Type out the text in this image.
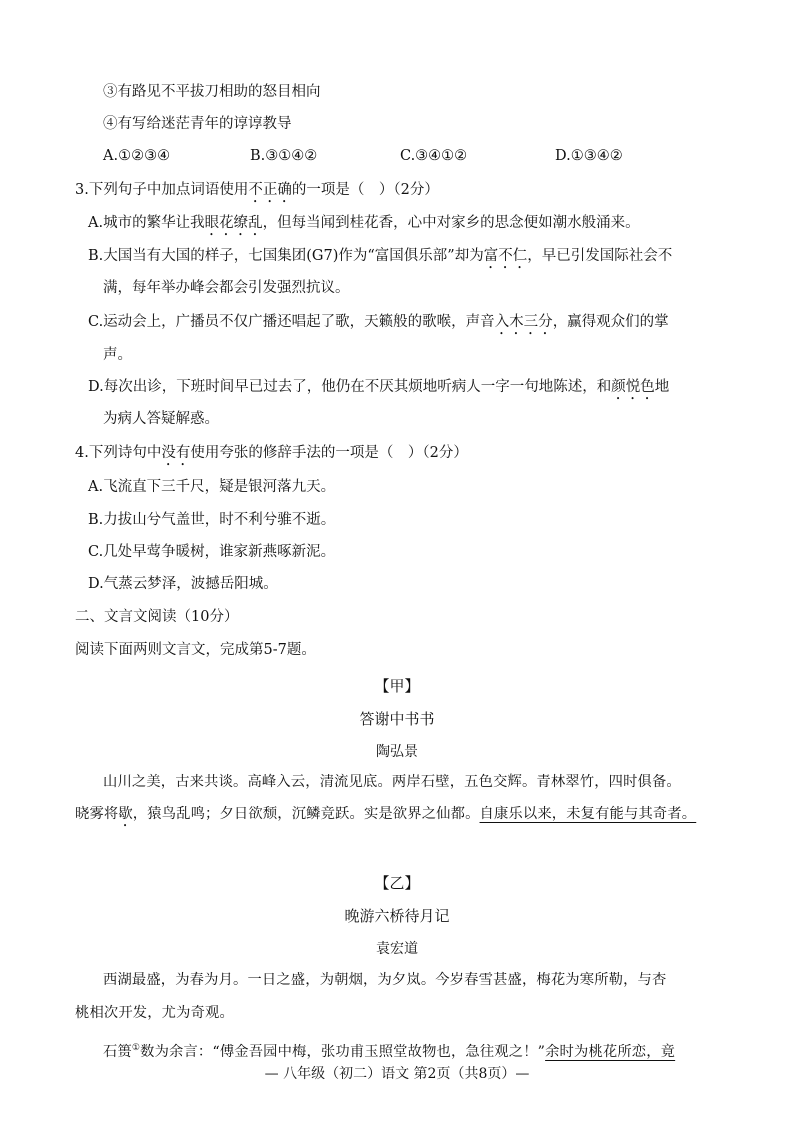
③有路见不平拔刀相助的怒目相向
④有写给迷茫青年的谆谆教导
A.①②③④	B.③①④②	C.③④①②	D.①③④②
3.下列句子中加点词语使用不正确的一项是（　）（2分）
A.城市的繁华让我眼花缭乱，但每当闻到桂花香，心中对家乡的思念便如潮水般涌来。
B.大国当有大国的样子，七国集团(G7)作为“富国俱乐部”却为富不仁，早已引发国际社会不
满，每年举办峰会都会引发强烈抗议。
C.运动会上，广播员不仅广播还唱起了歌，天籁般的歌喉，声音入木三分，赢得观众们的掌
声。
D.每次出诊，下班时间早已过去了，他仍在不厌其烦地听病人一字一句地陈述，和颜悦色地
为病人答疑解惑。
4.下列诗句中没有使用夸张的修辞手法的一项是（　）（2分）
A.飞流直下三千尺，疑是银河落九天。
B.力拔山兮气盖世，时不利兮骓不逝。
C.几处早莺争暖树，谁家新燕啄新泥。
D.气蒸云梦泽，波撼岳阳城。
二、文言文阅读（10分）
阅读下面两则文言文，完成第5-7题。
【甲】
答谢中书书
陶弘景
山川之美，古来共谈。高峰入云，清流见底。两岸石壁，五色交辉。青林翠竹，四时俱备。
晓雾将歇，猿鸟乱鸣；夕日欲颓，沉鳞竞跃。实是欲界之仙都。自康乐以来，未复有能与其奇者。
【乙】
晚游六桥待月记
袁宏道
西湖最盛，为春为月。一日之盛，为朝烟，为夕岚。今岁春雪甚盛，梅花为寒所勒，与杏
桃相次开发，尤为奇观。
石篑①数为余言：“傅金吾园中梅，张功甫玉照堂故物也，急往观之！”余时为桃花所恋，竟
— 八年级（初二）语文 第2页（共8页）—
